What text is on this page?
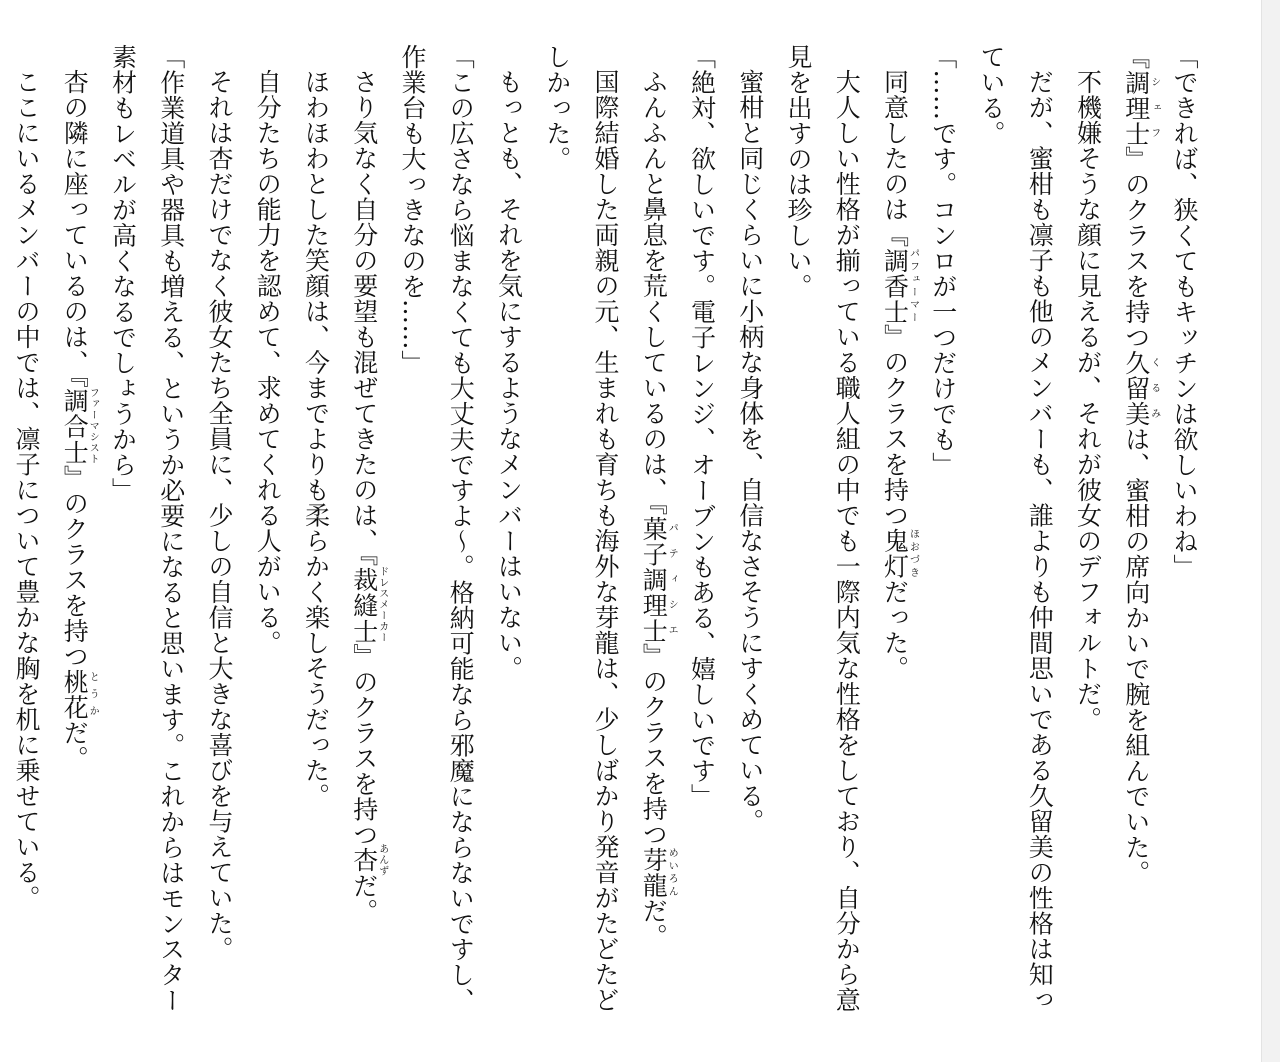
「できれば、狭くてもキッチンは欲しいわね」

『調理士シェフ』のクラスを持つ久留美くるみは、蜜柑の席向かいで腕を組んでいた。

不機嫌そうな顔に見えるが、それが彼女のデフォルトだ。

だが、蜜柑も凛子も他のメンバーも、誰よりも仲間思いである久留美の性格は知っている。

「……です。コンロが一つだけでも」

同意したのは『調香士パフューマー』のクラスを持つ鬼灯ほおづきだった。

大人しい性格が揃っている職人組の中でも一際内気な性格をしており、自分から意見を出すのは珍しい。

蜜柑と同じくらいに小柄な身体を、自信なさそうにすくめている。

「絶対、欲しいです。電子レンジ、オーブンもある、嬉しいです」

ふんふんと鼻息を荒くしているのは、『菓子調理士パティシエ』のクラスを持つ芽龍めいろんだ。

国際結婚した両親の元、生まれも育ちも海外な芽龍は、少しばかり発音がたどたどしかった。

もっとも、それを気にするようなメンバーはいない。

「この広さなら悩まなくても大丈夫ですよ～。格納可能なら邪魔にならないですし、作業台も大っきなのを……」

さり気なく自分の要望も混ぜてきたのは、『裁縫士ドレスメーカー』のクラスを持つ杏あんずだ。

ほわほわとした笑顔は、今までよりも柔らかく楽しそうだった。

自分たちの能力を認めて、求めてくれる人がいる。

それは杏だけでなく彼女たち全員に、少しの自信と大きな喜びを与えていた。

「作業道具や器具も増える、というか必要になると思います。これからはモンスター素材もレベルが高くなるでしょうから」

杏の隣に座っているのは、『調合士ファーマシスト』のクラスを持つ桃花とうかだ。

ここにいるメンバーの中では、凛子について豊かな胸を机に乗せている。
